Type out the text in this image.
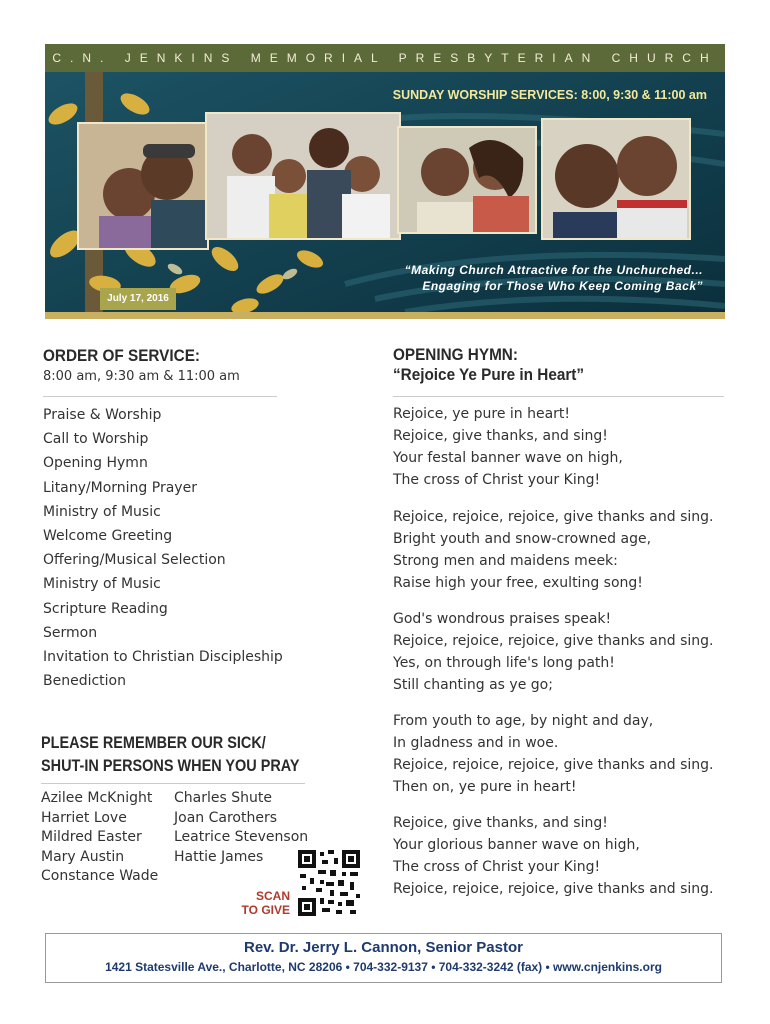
C.N. JENKINS MEMORIAL PRESBYTERIAN CHURCH
SUNDAY WORSHIP SERVICES: 8:00, 9:30 & 11:00 am
“Making Church Attractive for the Unchurched...
Engaging for Those Who Keep Coming Back”
July 17, 2016
ORDER OF SERVICE:
8:00 am, 9:30 am & 11:00 am
Praise & Worship
Call to Worship
Opening Hymn
Litany/Morning Prayer
Ministry of Music
Welcome Greeting
Offering/Musical Selection
Ministry of Music
Scripture Reading
Sermon
Invitation to Christian Discipleship
Benediction
PLEASE REMEMBER OUR SICK/
SHUT-IN PERSONS WHEN YOU PRAY
Azilee McKnight
Harriet Love
Mildred Easter
Mary Austin
Constance Wade
Charles Shute
Joan Carothers
Leatrice Stevenson
Hattie James
SCAN
TO GIVE
OPENING HYMN:
“Rejoice Ye Pure in Heart”
Rejoice, ye pure in heart!
Rejoice, give thanks, and sing!
Your festal banner wave on high,
The cross of Christ your King!
Rejoice, rejoice, rejoice, give thanks and sing.
Bright youth and snow-crowned age,
Strong men and maidens meek:
Raise high your free, exulting song!
God's wondrous praises speak!
Rejoice, rejoice, rejoice, give thanks and sing.
Yes, on through life's long path!
Still chanting as ye go;
From youth to age, by night and day,
In gladness and in woe.
Rejoice, rejoice, rejoice, give thanks and sing.
Then on, ye pure in heart!
Rejoice, give thanks, and sing!
Your glorious banner wave on high,
The cross of Christ your King!
Rejoice, rejoice, rejoice, give thanks and sing.
Rev. Dr. Jerry L. Cannon, Senior Pastor
1421 Statesville Ave., Charlotte, NC 28206 • 704-332-9137 • 704-332-3242 (fax) • www.cnjenkins.org
